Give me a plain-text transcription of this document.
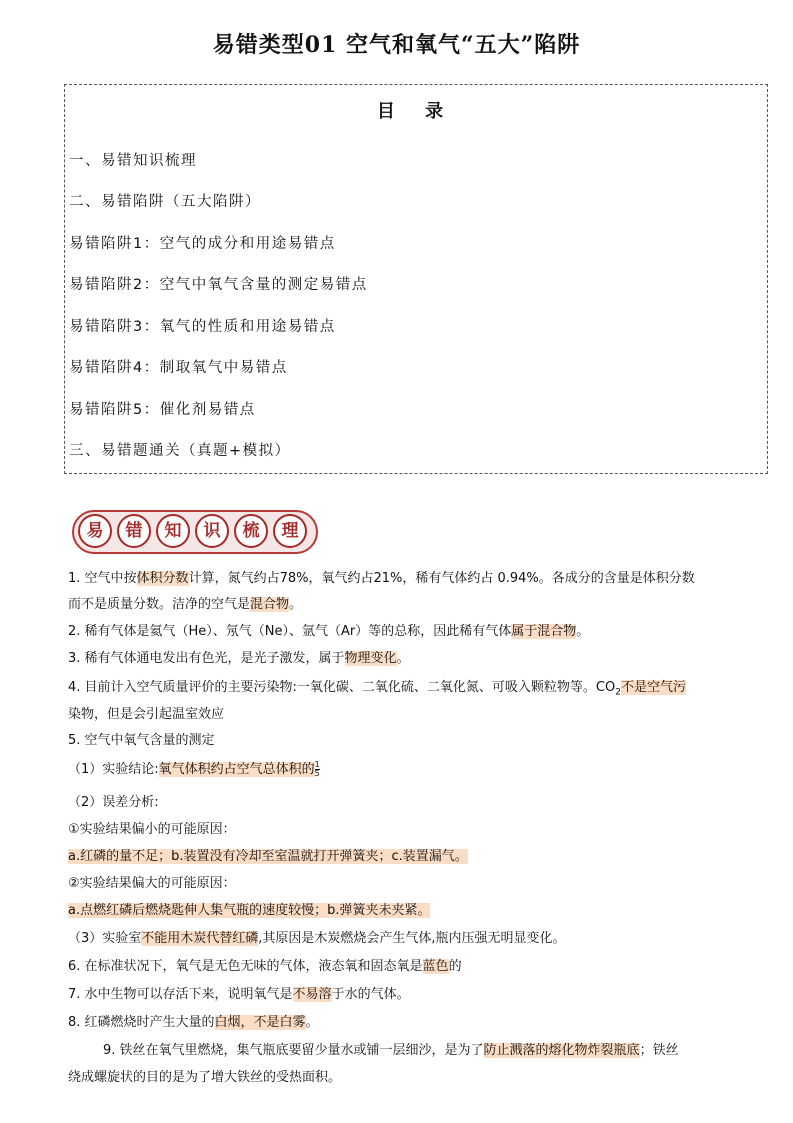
易错类型01 空气和氧气“五大”陷阱
目 录
一、易错知识梳理
二、易错陷阱（五大陷阱）
易错陷阱1：空气的成分和用途易错点
易错陷阱2：空气中氧气含量的测定易错点
易错陷阱3：氧气的性质和用途易错点
易错陷阱4：制取氧气中易错点
易错陷阱5：催化剂易错点
三、易错题通关（真题+模拟）
易	错	知	识	梳	理
1. 空气中按体积分数计算，氮气约占78%，氧气约占21%，稀有气体约占 0.94%。各成分的含量是体积分数
而不是质量分数。洁净的空气是混合物。
2. 稀有气体是氦气（He）、氖气（Ne）、氩气（Ar）等的总称，因此稀有气体属于混合物。
3. 稀有气体通电发出有色光，是光子激发，属于物理变化。
4. 目前计入空气质量评价的主要污染物:一氧化碳、二氧化硫、二氧化氮、可吸入颗粒物等。$CO_2$不是空气污
染物，但是会引起温室效应
5. 空气中氧气含量的测定
（1）实验结论:氧气体积约占空气总体积的 $\frac{1}{5}$
（2）误差分析:
①实验结果偏小的可能原因：
a.红磷的量不足；b.装置没有冷却至室温就打开弹簧夹；c.装置漏气。
②实验结果偏大的可能原因：
a.点燃红磷后燃烧匙伸人集气瓶的速度较慢；b.弹簧夹未夹紧。
（3）实验室不能用木炭代替红磷,其原因是木炭燃烧会产生气体,瓶内压强无明显变化。
6. 在标准状况下，氧气是无色无味的气体，液态氧和固态氧是蓝色的
7. 水中生物可以存活下来，说明氧气是不易溶于水的气体。
8. 红磷燃烧时产生大量的白烟，不是白雾。
9. 铁丝在氧气里燃烧，集气瓶底要留少量水或铺一层细沙，是为了防止溅落的熔化物炸裂瓶底；铁丝
绕成螺旋状的目的是为了增大铁丝的受热面积。
